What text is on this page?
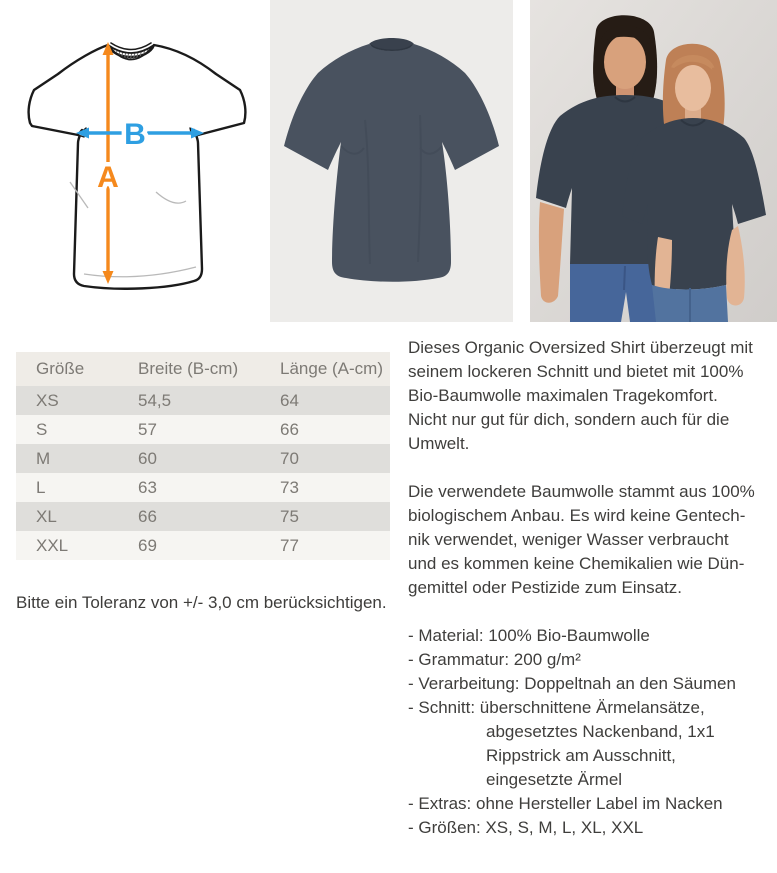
A
B
Größe	Breite (B-cm)	Länge (A-cm)
XS	54,5	64
S	57	66
M	60	70
L	63	73
XL	66	75
XXL	69	77

Bitte ein Toleranz von +/- 3,0 cm berücksichtigen.

Dieses Organic Oversized Shirt überzeugt mit
seinem lockeren Schnitt und bietet mit 100%
Bio-Baumwolle maximalen Tragekomfort.
Nicht nur gut für dich, sondern auch für die
Umwelt.
Die verwendete Baumwolle stammt aus 100%
biologischem Anbau. Es wird keine Gentech-
nik verwendet, weniger Wasser verbraucht
und es kommen keine Chemikalien wie Dün-
gemittel oder Pestizide zum Einsatz.
- Material: 100% Bio-Baumwolle
- Grammatur: 200 g/m²
- Verarbeitung: Doppeltnah an den Säumen
- Schnitt: überschnittene Ärmelansätze,
abgesetztes Nackenband, 1x1
Rippstrick am Ausschnitt,
eingesetzte Ärmel
- Extras: ohne Hersteller Label im Nacken
- Größen: XS, S, M, L, XL, XXL
